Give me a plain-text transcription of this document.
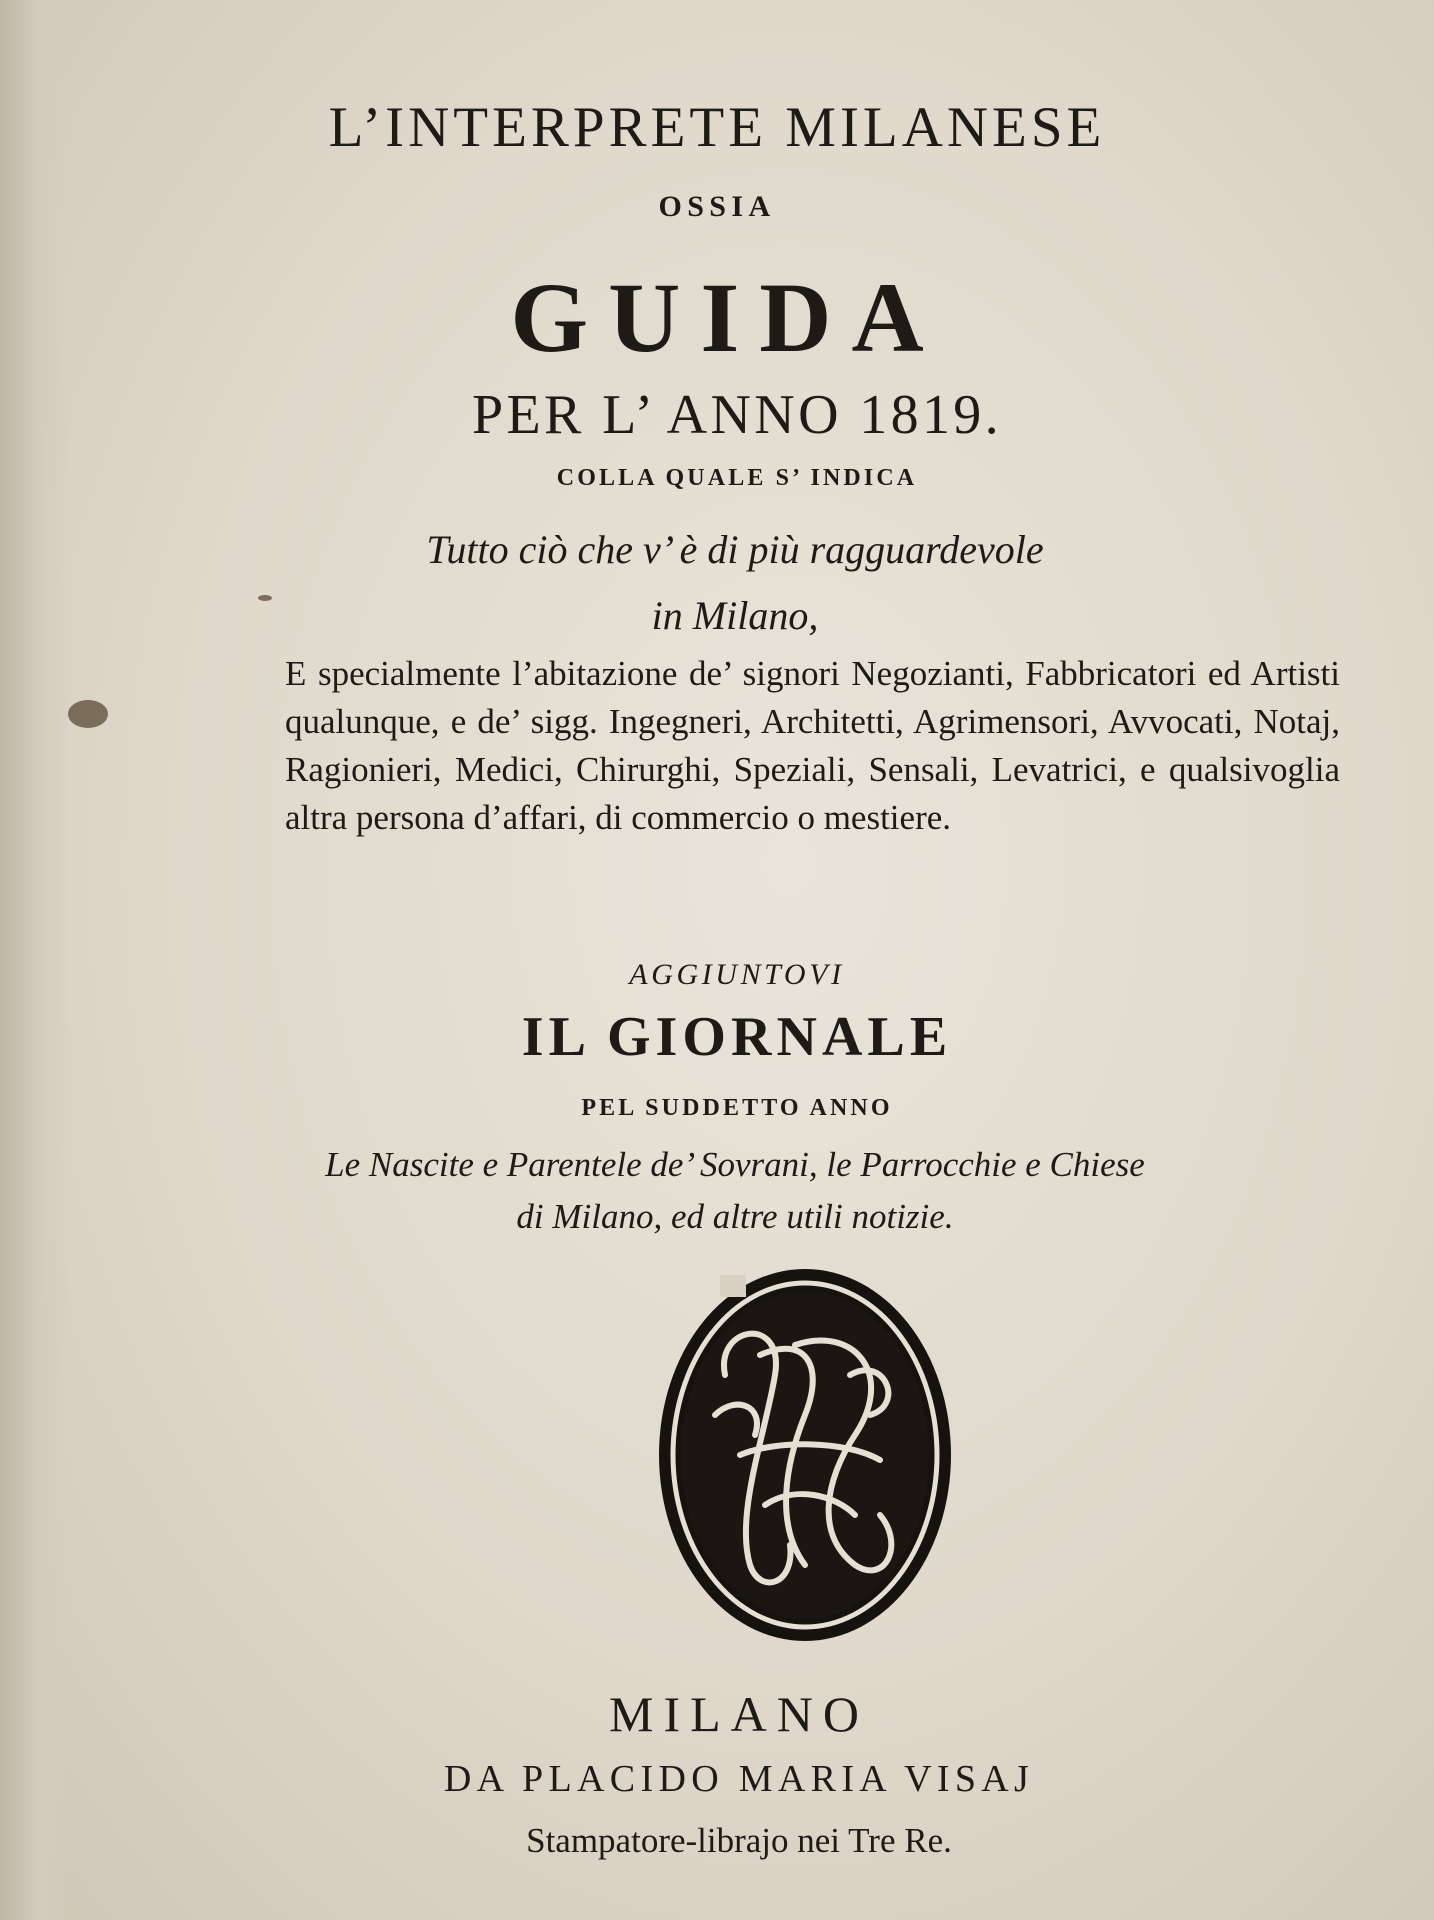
L’INTERPRETE MILANESE
OSSIA
GUIDA
PER L’ ANNO 1819.
COLLA QUALE S’ INDICA
Tutto ciò che v’ è di più ragguardevole
in Milano,
E specialmente l’abitazione de’ signori Negozianti, Fabbricatori ed Artisti qualunque, e de’ sigg. Ingegneri, Architetti, Agrimensori, Avvocati, Notaj, Ragionieri, Medici, Chirurghi, Speziali, Sensali, Levatrici, e qualsivoglia altra persona d’affari, di commercio o mestiere.
AGGIUNTOVI
IL GIORNALE
PEL SUDDETTO ANNO
Le Nascite e Parentele de’ Sovrani, le Parrocchie e Chiese
di Milano, ed altre utili notizie.
MILANO
DA PLACIDO MARIA VISAJ
Stampatore-librajo nei Tre Re.
